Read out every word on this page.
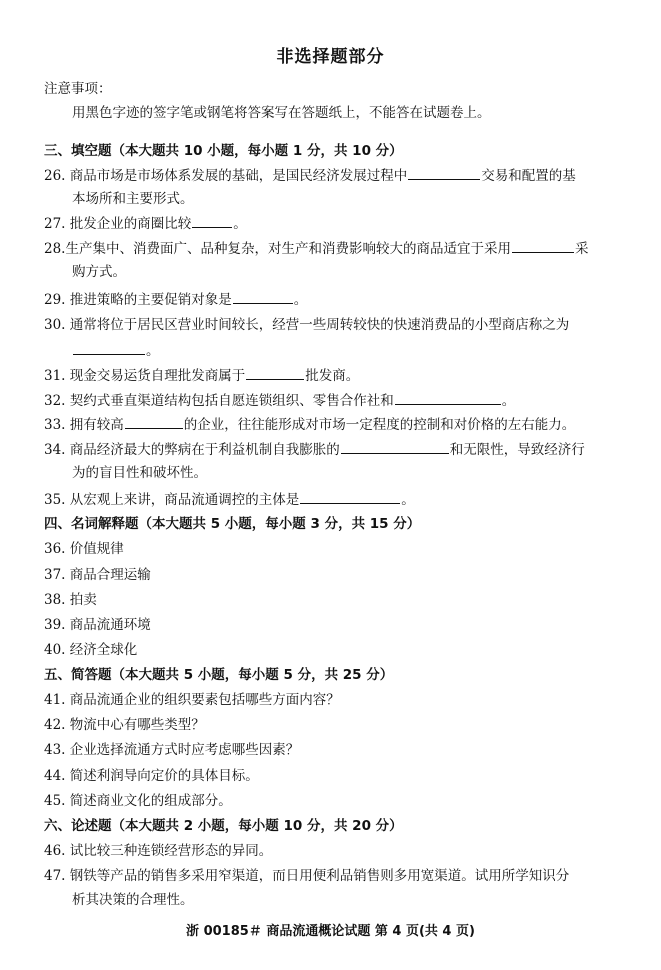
非选择题部分
注意事项：
用黑色字迹的签字笔或钢笔将答案写在答题纸上，不能答在试题卷上。
三、填空题（本大题共 10 小题，每小题 1 分，共 10 分）
26. 商品市场是市场体系发展的基础，是国民经济发展过程中	交易和配置的基
本场所和主要形式。
27. 批发企业的商圈比较	。
28.生产集中、消费面广、品种复杂，对生产和消费影响较大的商品适宜于采用	采
购方式。
29. 推进策略的主要促销对象是	。
30. 通常将位于居民区营业时间较长，经营一些周转较快的快速消费品的小型商店称之为
。
31. 现金交易运货自理批发商属于	批发商。
32. 契约式垂直渠道结构包括自愿连锁组织、零售合作社和	。
33. 拥有较高	的企业，往往能形成对市场一定程度的控制和对价格的左右能力。
34. 商品经济最大的弊病在于利益机制自我膨胀的	和无限性，导致经济行
为的盲目性和破坏性。
35. 从宏观上来讲，商品流通调控的主体是	。
四、名词解释题（本大题共 5 小题，每小题 3 分，共 15 分）
36. 价值规律
37. 商品合理运输
38. 拍卖
39. 商品流通环境
40. 经济全球化
五、简答题（本大题共 5 小题，每小题 5 分，共 25 分）
41. 商品流通企业的组织要素包括哪些方面内容？
42. 物流中心有哪些类型？
43. 企业选择流通方式时应考虑哪些因素？
44. 简述利润导向定价的具体目标。
45. 简述商业文化的组成部分。
六、论述题（本大题共 2 小题，每小题 10 分，共 20 分）
46. 试比较三种连锁经营形态的异同。
47. 钢铁等产品的销售多采用窄渠道，而日用便利品销售则多用宽渠道。试用所学知识分
析其决策的合理性。
浙 00185＃ 商品流通概论试题 第 4 页(共 4 页)
